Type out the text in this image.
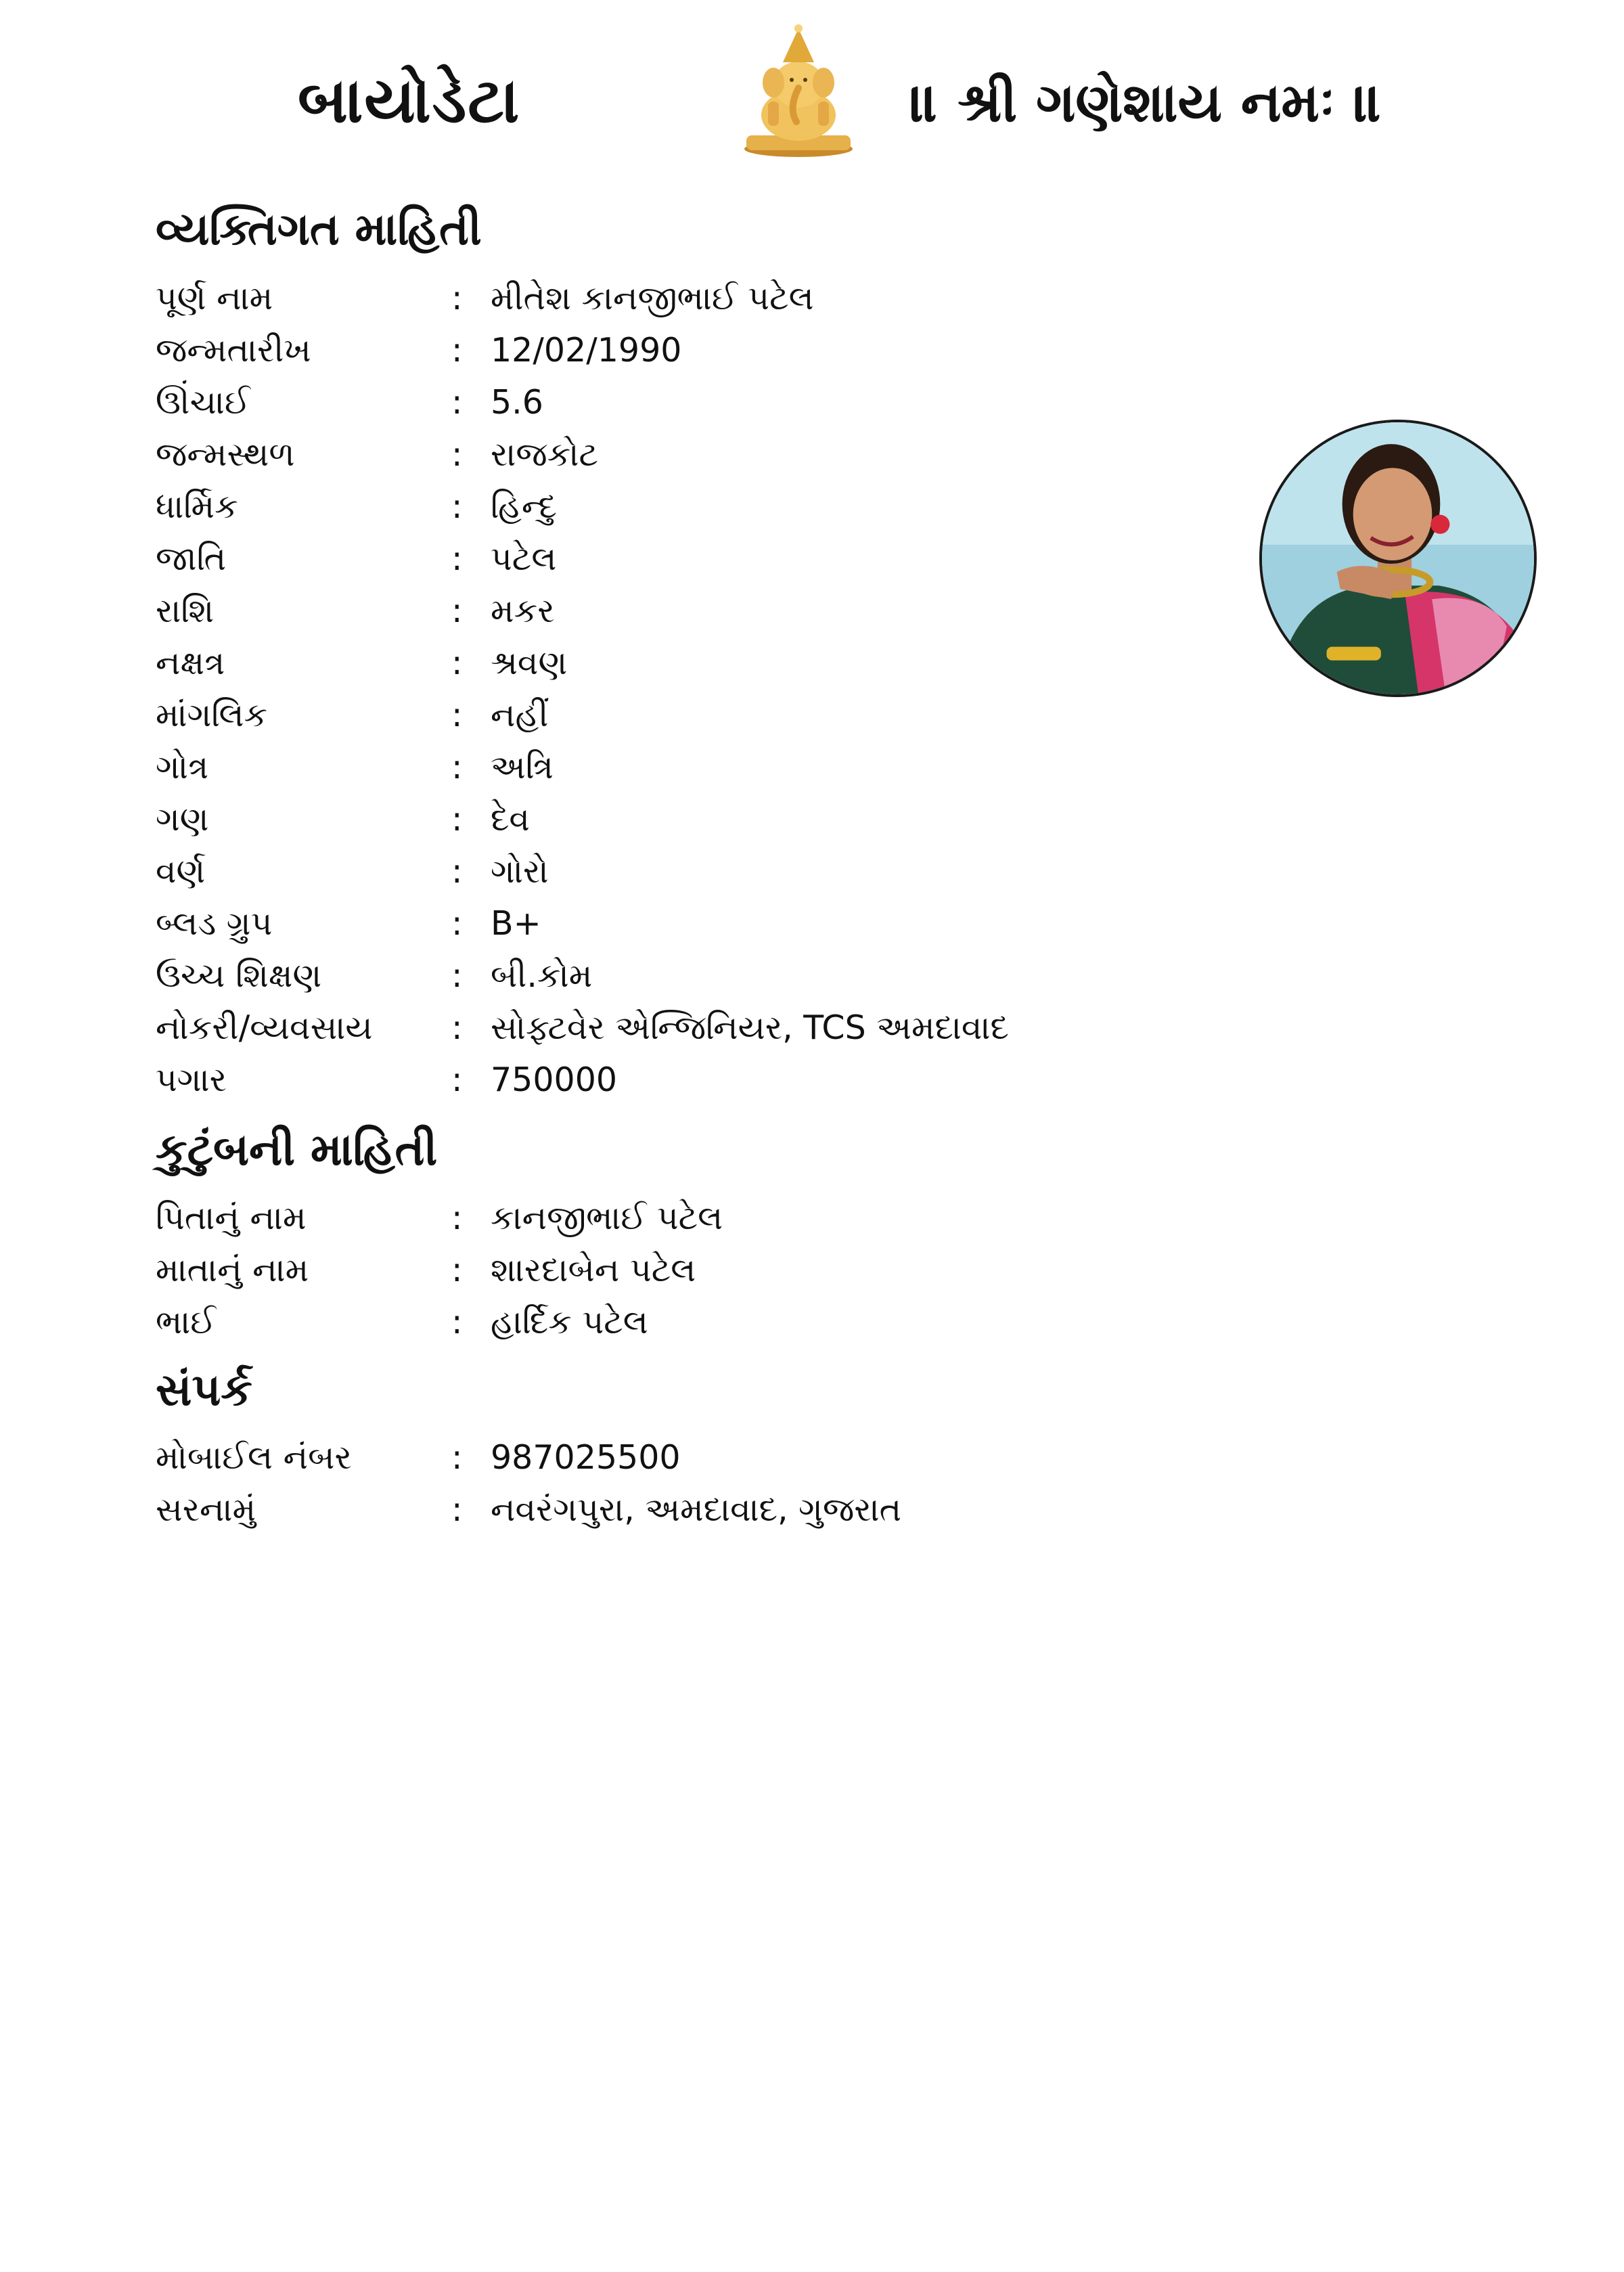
બાયોડેટા	॥ શ્રી ગણેશાય નમઃ ॥
વ્યક્તિગત માહિતી
પૂર્ણ નામ	: મીતેશ કાનજીભાઈ પટેલ
જન્મતારીખ	: 12/02/1990
ઊંચાઈ	: 5.6
જન્મસ્થળ	: રાજકોટ
ધાર્મિક	: હિન્દુ
જાતિ	: પટેલ
રાશિ	: મકર
નક્ષત્ર	: શ્રવણ
માંગલિક	: નહીં
ગોત્ર	: અત્રિ
ગણ	: દેવ
વર્ણ	: ગોરો
બ્લડ ગ્રુપ	: B+
ઉચ્ચ શિક્ષણ	: બી.કોમ
નોકરી/વ્યવસાય : સોફ્ટવેર એન્જિનિયર, TCS અમદાવાદ
પગાર	: 750000
કુટુંબની માહિતી
પિતાનું નામ	: કાનજીભાઈ પટેલ
માતાનું નામ	: શારદાબેન પટેલ
ભાઈ	: હાર્દિક પટેલ
સંપર્ક
મોબાઈલ નંબર	: 987025500
સરનામું	: નવરંગપુરા, અમદાવાદ, ગુજરાત
